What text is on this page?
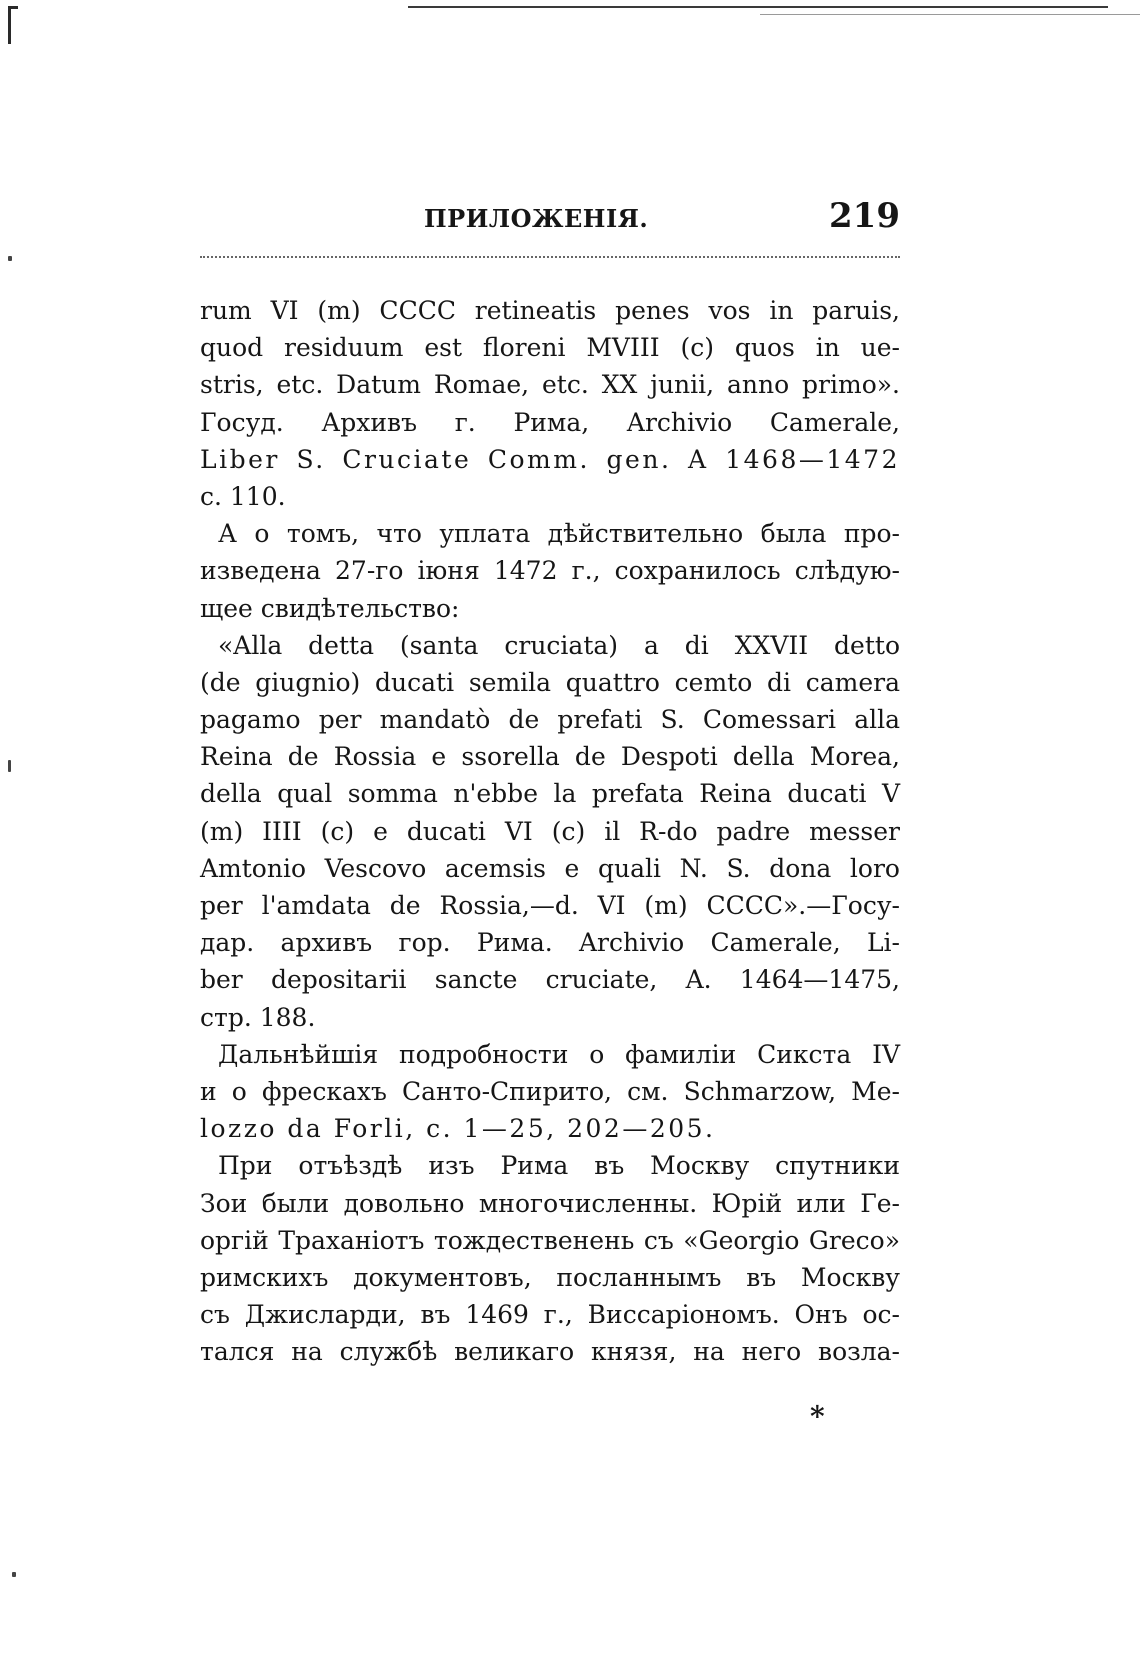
ПРИЛОЖЕНІЯ.	219
rum VI (m) CCCC retineatis penes vos in paruis,
quod residuum est floreni MVIII (c) quos in ue-
stris, etc. Datum Romae, etc. XX junii, anno primo».
Госуд. Архивъ г. Рима, Archivio Camerale,
Liber S. Cruciate Comm. gen. A 1468—1472
c. 110.
А о томъ, что уплата дѣйствительно была про-
изведена 27-го іюня 1472 г., сохранилось слѣдую-
щее свидѣтельство:
«Alla detta (santa cruciata) a di XXVII detto
(de giugnio) ducati semila quattro cemto di camera
pagamo per mandatò de prefati S. Comessari alla
Reina de Rossia e ssorella de Despoti della Morea,
della qual somma n'ebbe la prefata Reina ducati V
(m) IIII (c) e ducati VI (c) il R-do padre messer
Amtonio Vescovo acemsis e quali N. S. dona loro
per l'amdata de Rossia,—d. VI (m) CCCC».—Госу-
дар. архивъ гор. Рима. Archivio Camerale, Li-
ber depositarii sancte cruciate, A. 1464—1475,
стр. 188.
Дальнѣйшія подробности о фамиліи Сикста IV
и о фрескахъ Санто-Спирито, см. Schmarzow, Me-
lozzo da Forli, c. 1—25, 202—205.
При отъѣздѣ изъ Рима въ Москву спутники
Зои были довольно многочисленны. Юрій или Ге-
оргій Траханіотъ тождественень съ «Georgio Greco»
римскихъ документовъ, посланнымъ въ Москву
съ Джисларди, въ 1469 г., Виссаріономъ. Онъ ос-
тался на службѣ великаго князя, на него возла-
*
